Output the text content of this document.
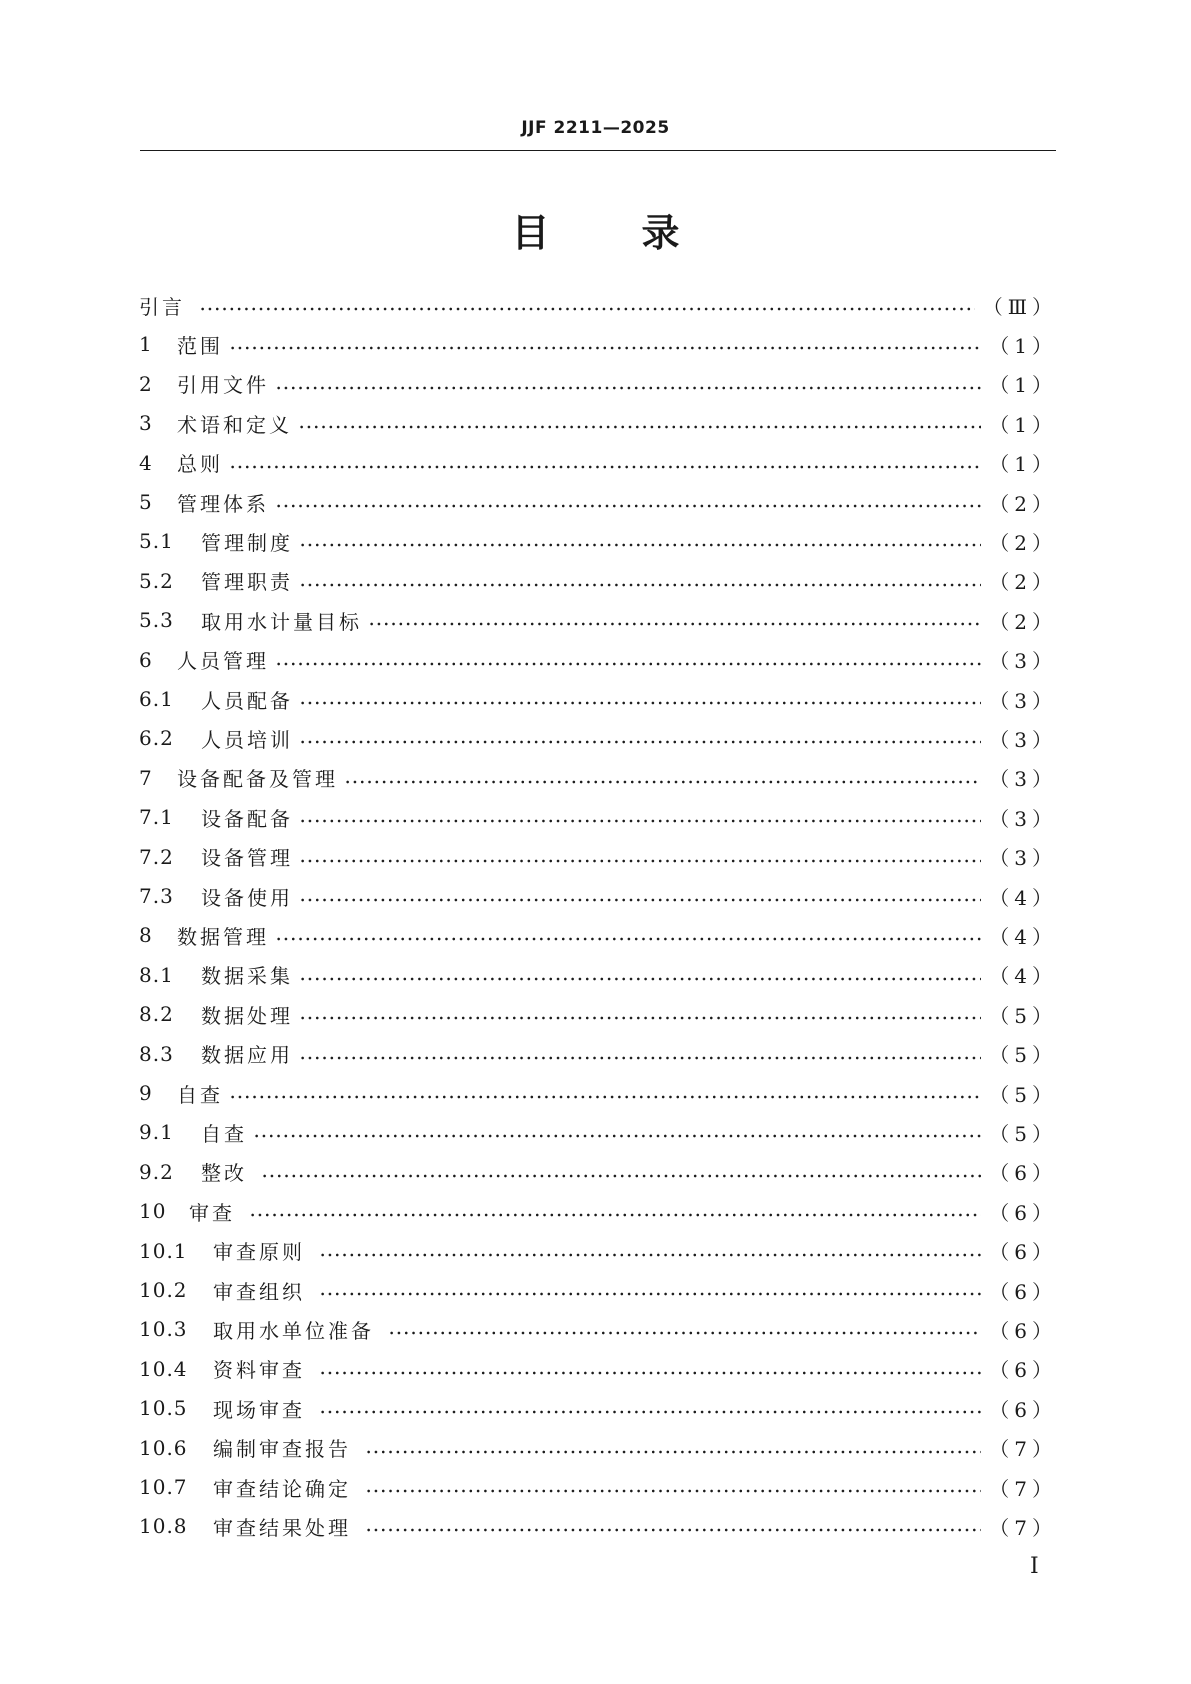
JJF 2211—2025
目 录
引言	（Ⅲ）
1	范围	（1）
2	引用文件	（1）
3	术语和定义	（1）
4	总则	（1）
5	管理体系	（2）
5.1	管理制度	（2）
5.2	管理职责	（2）
5.3	取用水计量目标	（2）
6	人员管理	（3）
6.1	人员配备	（3）
6.2	人员培训	（3）
7	设备配备及管理	（3）
7.1	设备配备	（3）
7.2	设备管理	（3）
7.3	设备使用	（4）
8	数据管理	（4）
8.1	数据采集	（4）
8.2	数据处理	（5）
8.3	数据应用	（5）
9	自查	（5）
9.1	自查	（5）
9.2	整改	（6）
10	审查	（6）
10.1	审查原则	（6）
10.2	审查组织	（6）
10.3	取用水单位准备	（6）
10.4	资料审查	（6）
10.5	现场审查	（6）
10.6	编制审查报告	（7）
10.7	审查结论确定	（7）
10.8	审查结果处理	（7）
Ⅰ
